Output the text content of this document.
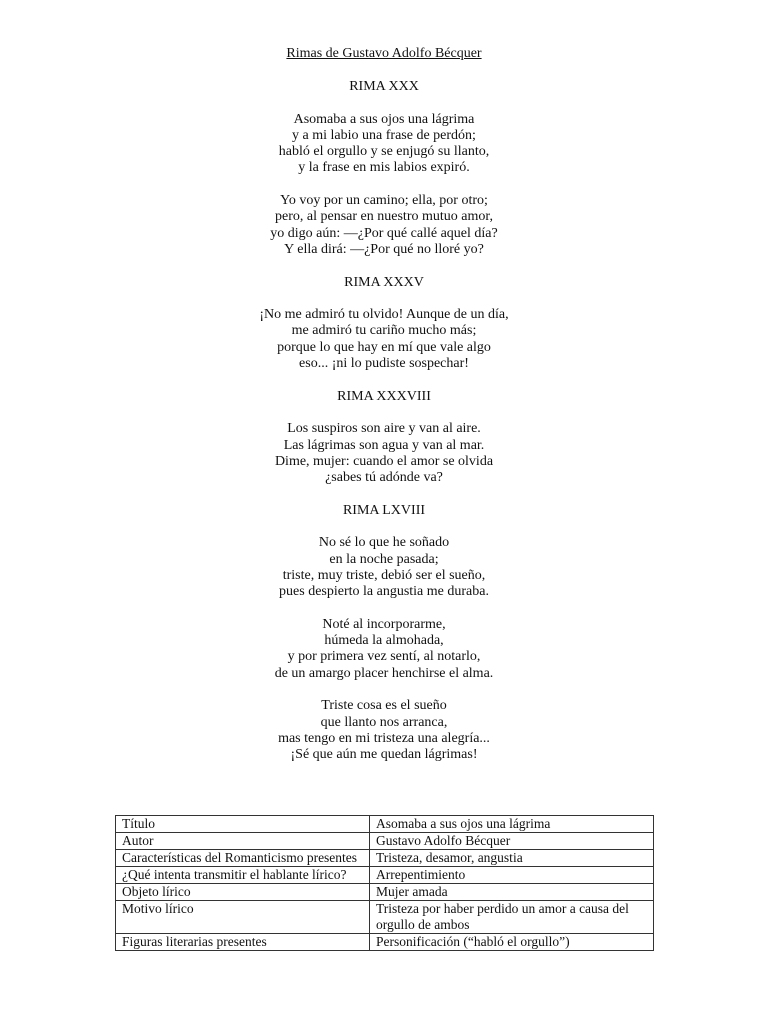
Rimas de Gustavo Adolfo Bécquer
RIMA XXX
Asomaba a sus ojos una lágrima
y a mi labio una frase de perdón;
habló el orgullo y se enjugó su llanto,
y la frase en mis labios expiró.
Yo voy por un camino; ella, por otro;
pero, al pensar en nuestro mutuo amor,
yo digo aún: —¿Por qué callé aquel día?
Y ella dirá: —¿Por qué no lloré yo?
RIMA XXXV
¡No me admiró tu olvido! Aunque de un día,
me admiró tu cariño mucho más;
porque lo que hay en mí que vale algo
eso... ¡ni lo pudiste sospechar!
RIMA XXXVIII
Los suspiros son aire y van al aire.
Las lágrimas son agua y van al mar.
Dime, mujer: cuando el amor se olvida
¿sabes tú adónde va?
RIMA LXVIII
No sé lo que he soñado
en la noche pasada;
triste, muy triste, debió ser el sueño,
pues despierto la angustia me duraba.
Noté al incorporarme,
húmeda la almohada,
y por primera vez sentí, al notarlo,
de un amargo placer henchirse el alma.
Triste cosa es el sueño
que llanto nos arranca,
mas tengo en mi tristeza una alegría...
¡Sé que aún me quedan lágrimas!
Título	Asomaba a sus ojos una lágrima
Autor	Gustavo Adolfo Bécquer
Características del Romanticismo presentes	Tristeza, desamor, angustia
¿Qué intenta transmitir el hablante lírico?	Arrepentimiento
Objeto lírico	Mujer amada
Motivo lírico	Tristeza por haber perdido un amor a causa del orgullo de ambos
Figuras literarias presentes	Personificación (“habló el orgullo”)
